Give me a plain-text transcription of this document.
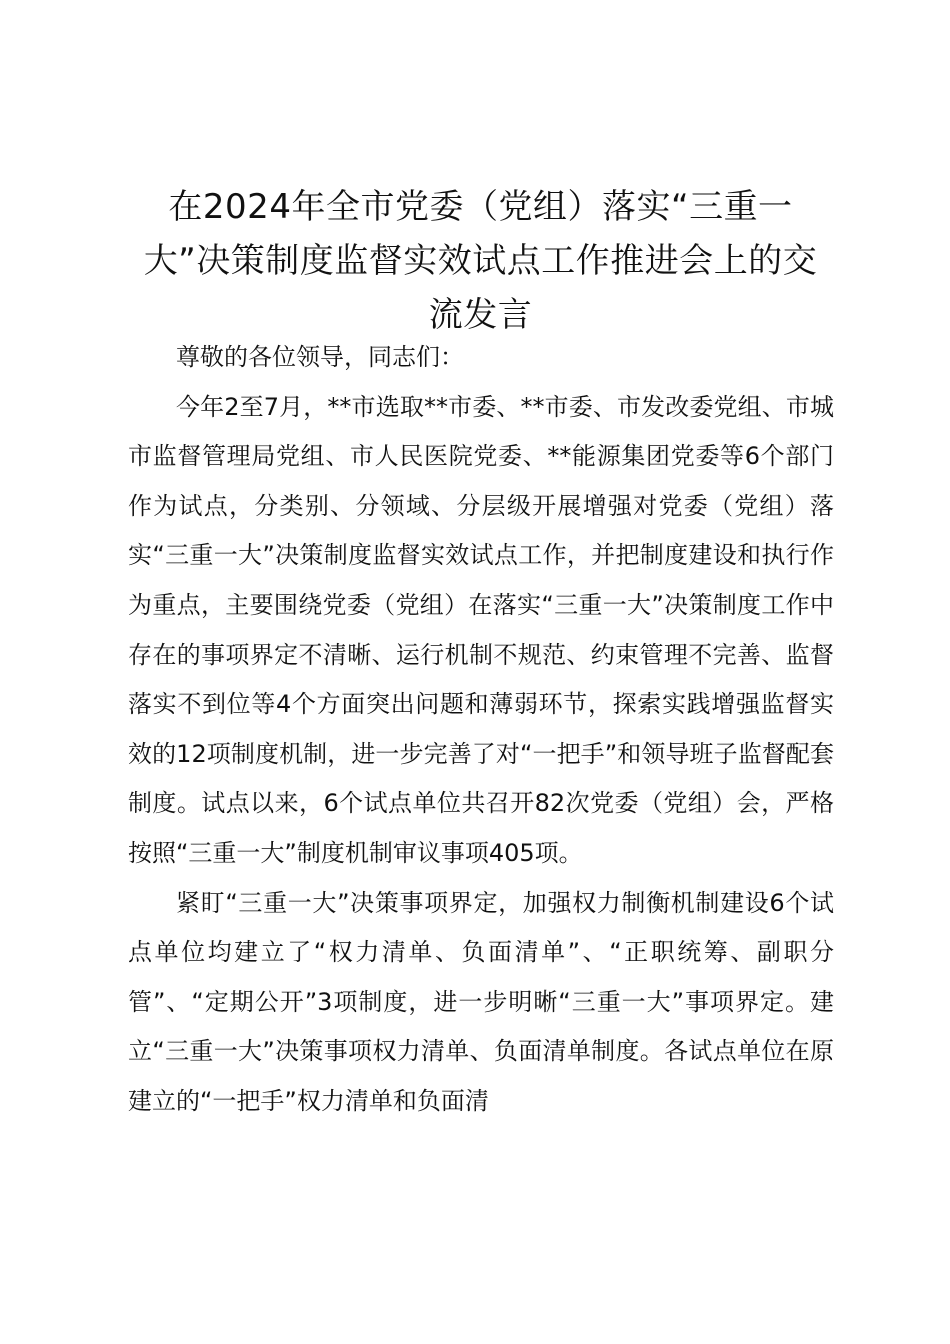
在2024年全市党委（党组）落实“三重一大”决策制度监督实效试点工作推进会上的交流发言

尊敬的各位领导，同志们：

今年2至7月，**市选取**市委、**市委、市发改委党组、市城市监督管理局党组、市人民医院党委、**能源集团党委等6个部门作为试点，分类别、分领域、分层级开展增强对党委（党组）落实“三重一大”决策制度监督实效试点工作，并把制度建设和执行作为重点，主要围绕党委（党组）在落实“三重一大”决策制度工作中存在的事项界定不清晰、运行机制不规范、约束管理不完善、监督落实不到位等4个方面突出问题和薄弱环节，探索实践增强监督实效的12项制度机制，进一步完善了对“一把手”和领导班子监督配套制度。试点以来，6个试点单位共召开82次党委（党组）会，严格按照“三重一大”制度机制审议事项405项。

紧盯“三重一大”决策事项界定，加强权力制衡机制建设6个试点单位均建立了“权力清单、负面清单”、“正职统筹、副职分管”、“定期公开”3项制度，进一步明晰“三重一大”事项界定。建立“三重一大”决策事项权力清单、负面清单制度。各试点单位在原建立的“一把手”权力清单和负面清
